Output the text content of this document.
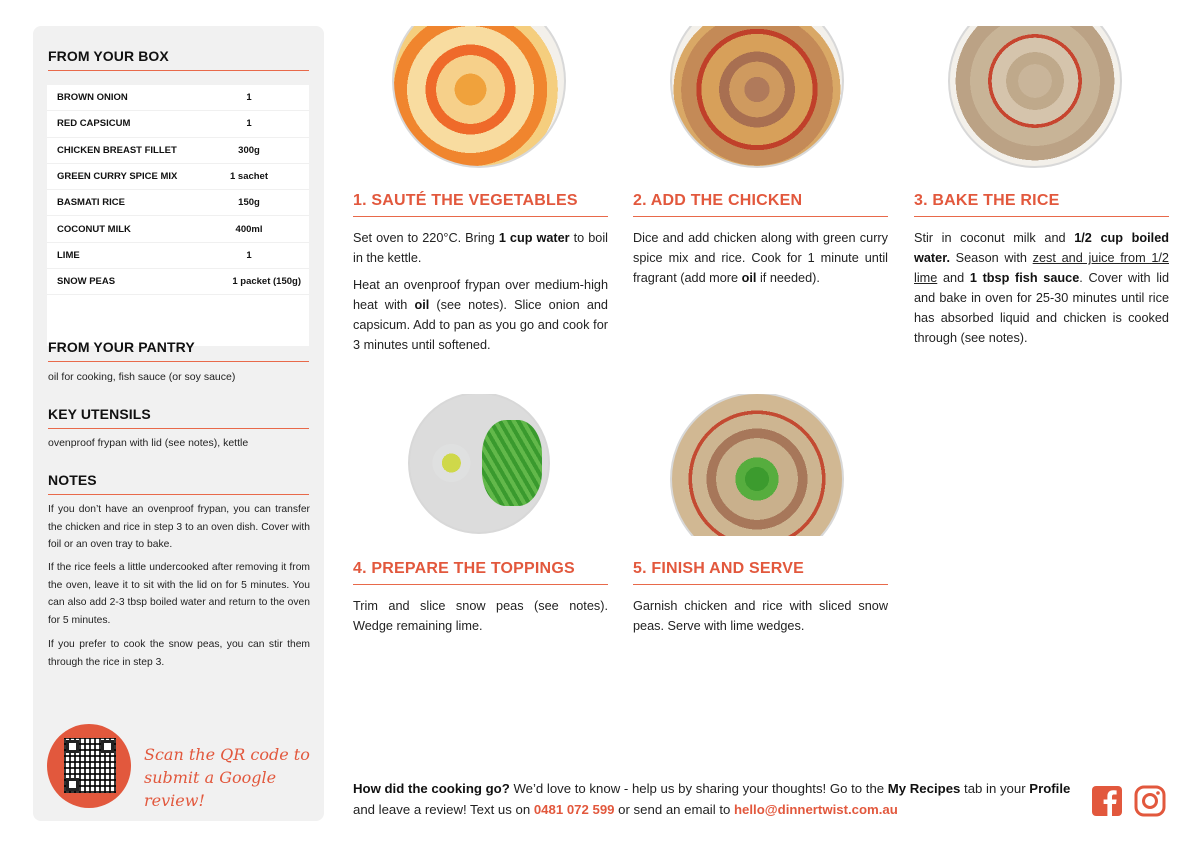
FROM YOUR BOX
BROWN ONION	1
RED CAPSICUM	1
CHICKEN BREAST FILLET	300g
GREEN CURRY SPICE MIX	1 sachet
BASMATI RICE	150g
COCONUT MILK	400ml
LIME	1
SNOW PEAS	1 packet (150g)
FROM YOUR PANTRY
oil for cooking, fish sauce (or soy sauce)
KEY UTENSILS
ovenproof frypan with lid (see notes), kettle
NOTES
If you don’t have an ovenproof frypan, you can transfer the chicken and rice in step 3 to an oven dish. Cover with foil or an oven tray to bake.
If the rice feels a little undercooked after removing it from the oven, leave it to sit with the lid on for 5 minutes. You can also add 2-3 tbsp boiled water and return to the oven for 5 minutes.
If you prefer to cook the snow peas, you can stir them through the rice in step 3.
Scan the QR code to
submit a Google review!
1. SAUTÉ THE VEGETABLES

Set oven to 220°C. Bring 1 cup water to boil in the kettle.

Heat an ovenproof frypan over medium-high heat with oil (see notes). Slice onion and capsicum. Add to pan as you go and cook for 3 minutes until softened.

2. ADD THE CHICKEN

Dice and add chicken along with green curry spice mix and rice. Cook for 1 minute until fragrant (add more oil if needed).

3. BAKE THE RICE

Stir in coconut milk and 1/2 cup boiled water. Season with zest and juice from 1/2 lime and 1 tbsp fish sauce. Cover with lid and bake in oven for 25-30 minutes until rice has absorbed liquid and chicken is cooked through (see notes).

4. PREPARE THE TOPPINGS

Trim and slice snow peas (see notes). Wedge remaining lime.

5. FINISH AND SERVE

Garnish chicken and rice with sliced snow peas. Serve with lime wedges.

How did the cooking go? We’d love to know - help us by sharing your thoughts! Go to the My Recipes tab in your Profile and leave a review! Text us on 0481 072 599 or send an email to hello@dinnertwist.com.au
